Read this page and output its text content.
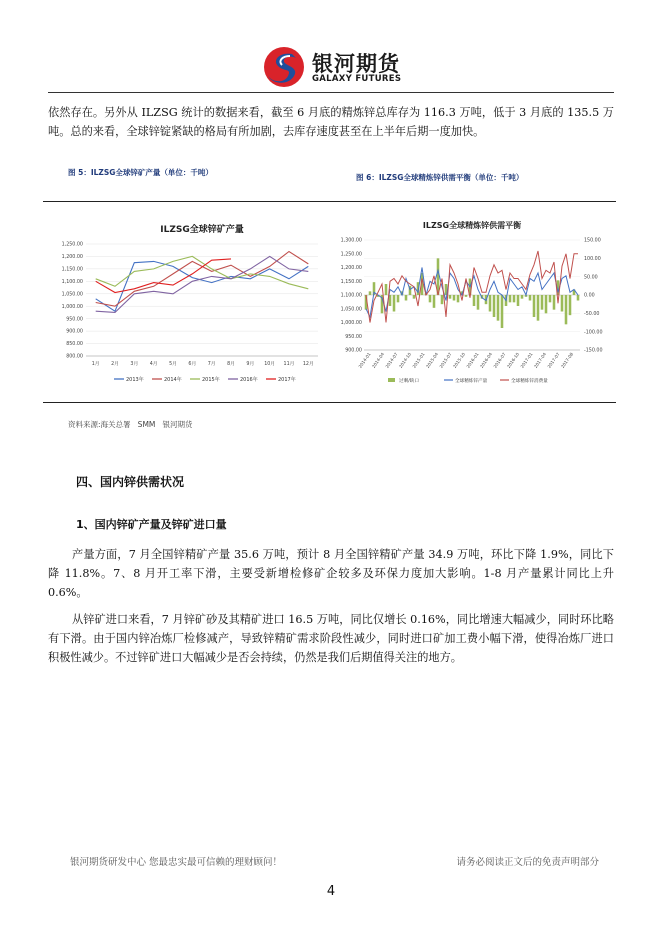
银河期货
GALAXY FUTURES
依然存在。另外从 ILZSG 统计的数据来看，截至 6 月底的精炼锌总库存为 116.3 万吨，低于 3 月底的 135.5 万吨。总的来看，全球锌锭紧缺的格局有所加剧，去库存速度甚至在上半年后期一度加快。
图 5：ILZSG全球锌矿产量（单位：千吨）
图 6：ILZSG全球精炼锌供需平衡（单位：千吨）
ILZSG全球锌矿产量
1,250.00
1,200.00
1,150.00
1,100.00
1,050.00
1,000.00
950.00
900.00
850.00
800.00
1月 2月 3月 4月 5月 6月 7月 8月 9月 10月 11月 12月
2013年	2014年	2015年	2016年	2017年
ILZSG全球精炼锌供需平衡
1,300.00
1,250.00
1,200.00
1,150.00
1,100.00
1,050.00
1,000.00
950.00
900.00
150.00
100.00
50.00
0.00
-50.00
-100.00
-150.00
2014-01 2014-04 2014-07 2014-10 2015-01 2015-04 2015-07 2015-10 2016-01 2016-04 2016-07 2016-10 2017-01 2017-04 2017-07 2017-08
过剩/缺口	全球精炼锌产量	全球精炼锌消费量
资料来源:海关总署   SMM   银河期货
四、国内锌供需状况
1、国内锌矿产量及锌矿进口量
产量方面，7 月全国锌精矿产量 35.6 万吨，预计 8 月全国锌精矿产量 34.9 万吨，环比下降 1.9%，同比下降 11.8%。7、8 月开工率下滑，主要受新增检修矿企较多及环保力度加大影响。1-8 月产量累计同比上升 0.6%。
从锌矿进口来看，7 月锌矿砂及其精矿进口 16.5 万吨，同比仅增长 0.16%，同比增速大幅减少，同时环比略有下滑。由于国内锌冶炼厂检修减产，导致锌精矿需求阶段性减少，同时进口矿加工费小幅下滑，使得冶炼厂进口积极性减少。不过锌矿进口大幅减少是否会持续，仍然是我们后期值得关注的地方。
银河期货研发中心 您最忠实最可信赖的理财顾问！	请务必阅读正文后的免责声明部分
4
